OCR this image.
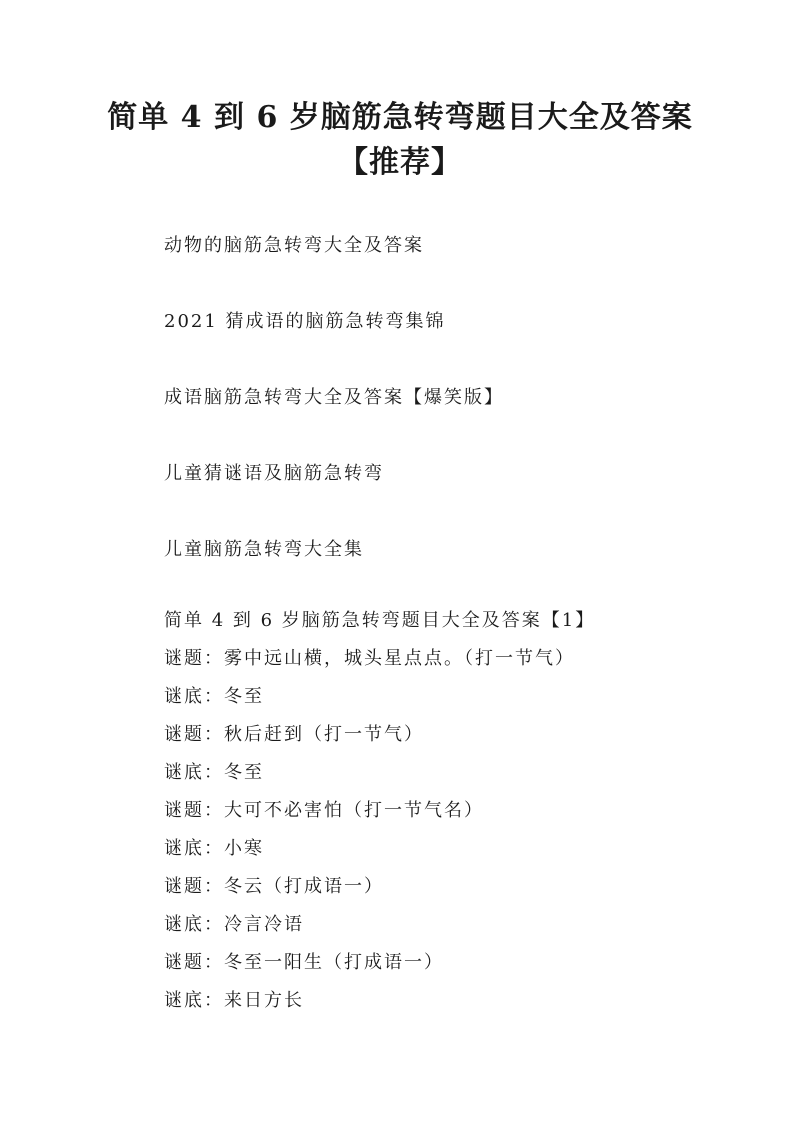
简单 4 到 6 岁脑筋急转弯题目大全及答案
【推荐】
动物的脑筋急转弯大全及答案
2021 猜成语的脑筋急转弯集锦
成语脑筋急转弯大全及答案【爆笑版】
儿童猜谜语及脑筋急转弯
儿童脑筋急转弯大全集
简单 4 到 6 岁脑筋急转弯题目大全及答案【1】
谜题：雾中远山横，城头星点点。（打一节气）
谜底：冬至
谜题：秋后赶到（打一节气）
谜底：冬至
谜题：大可不必害怕（打一节气名）
谜底：小寒
谜题：冬云（打成语一）
谜底：冷言冷语
谜题：冬至一阳生（打成语一）
谜底：来日方长
